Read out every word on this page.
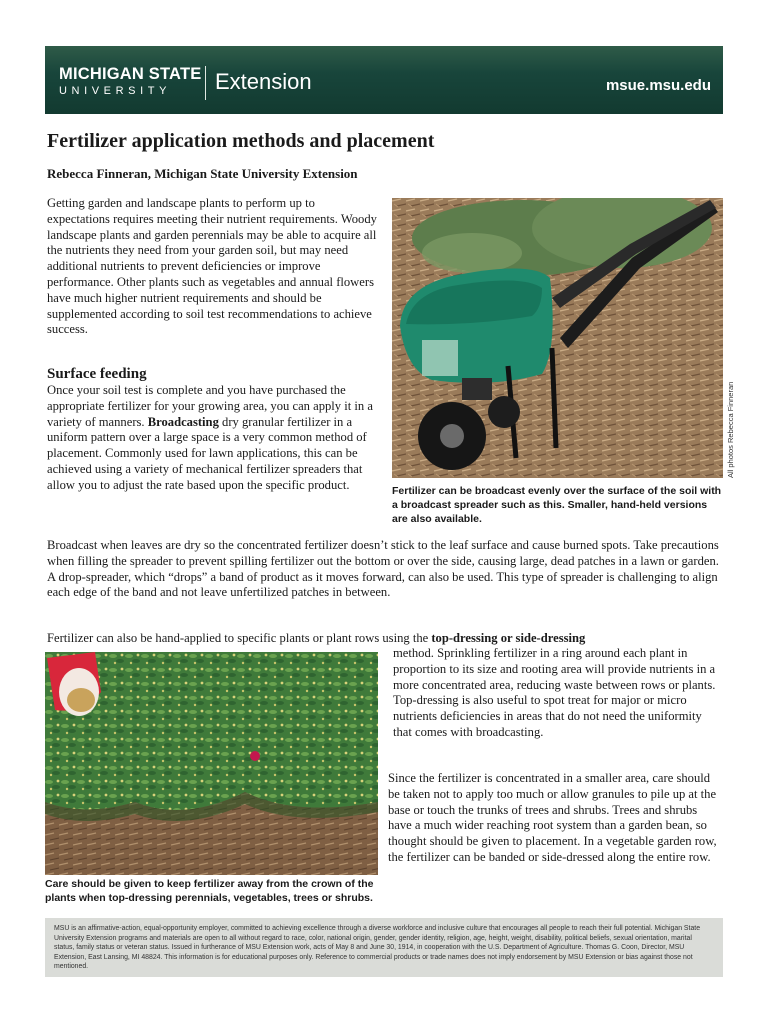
MICHIGAN STATE
UNIVERSITY Extension	msue.msu.edu
Fertilizer application methods and placement
Rebecca Finneran, Michigan State University Extension

Getting garden and landscape plants to perform up to expectations requires meeting their nutrient requirements. Woody landscape plants and garden perennials may be able to acquire all the nutrients they need from your garden soil, but may need additional nutrients to prevent deficiencies or improve performance. Other plants such as vegetables and annual flowers have much higher nutrient requirements and should be supplemented according to soil test recommendations to achieve success.

Surface feeding

Once your soil test is complete and you have purchased the appropriate fertilizer for your growing area, you can apply it in a variety of manners. Broadcasting dry granular fertilizer in a uniform pattern over a large space is a very common method of placement. Commonly used for lawn applications, this can be achieved using a variety of mechanical fertilizer spreaders that allow you to adjust the rate based upon the specific product.

All photos Rebecca Finneran
Fertilizer can be broadcast evenly over the surface of the soil with a broadcast spreader such as this. Smaller, hand-held versions are also available.

Broadcast when leaves are dry so the concentrated fertilizer doesn’t stick to the leaf surface and cause burned spots. Take precautions when filling the spreader to prevent spilling fertilizer out the bottom or over the side, causing large, dead patches in a lawn or garden. A drop-spreader, which “drops” a band of product as it moves forward, can also be used. This type of spreader is challenging to align each edge of the band and not leave unfertilized patches in between.

Fertilizer can also be hand-applied to specific plants or plant rows using the top-dressing or side-dressing

Care should be given to keep fertilizer away from the crown of the plants when top-dressing perennials, vegetables, trees or shrubs.

method. Sprinkling fertilizer in a ring around each plant in proportion to its size and rooting area will provide nutrients in a more concentrated area, reducing waste between rows or plants. Top-dressing is also useful to spot treat for major or micro nutrients deficiencies in areas that do not need the uniformity that comes with broadcasting.

Since the fertilizer is concentrated in a smaller area, care should be taken not to apply too much or allow granules to pile up at the base or touch the trunks of trees and shrubs. Trees and shrubs have a much wider reaching root system than a garden bean, so thought should be given to placement. In a vegetable garden row, the fertilizer can be banded or side-dressed along the entire row.

MSU is an affirmative-action, equal-opportunity employer, committed to achieving excellence through a diverse workforce and inclusive culture that encourages all people to reach their full potential. Michigan State University Extension programs and materials are open to all without regard to race, color, national origin, gender, gender identity, religion, age, height, weight, disability, political beliefs, sexual orientation, marital status, family status or veteran status. Issued in furtherance of MSU Extension work, acts of May 8 and June 30, 1914, in cooperation with the U.S. Department of Agriculture. Thomas G. Coon, Director, MSU Extension, East Lansing, MI 48824. This information is for educational purposes only. Reference to commercial products or trade names does not imply endorsement by MSU Extension or bias against those not mentioned.
